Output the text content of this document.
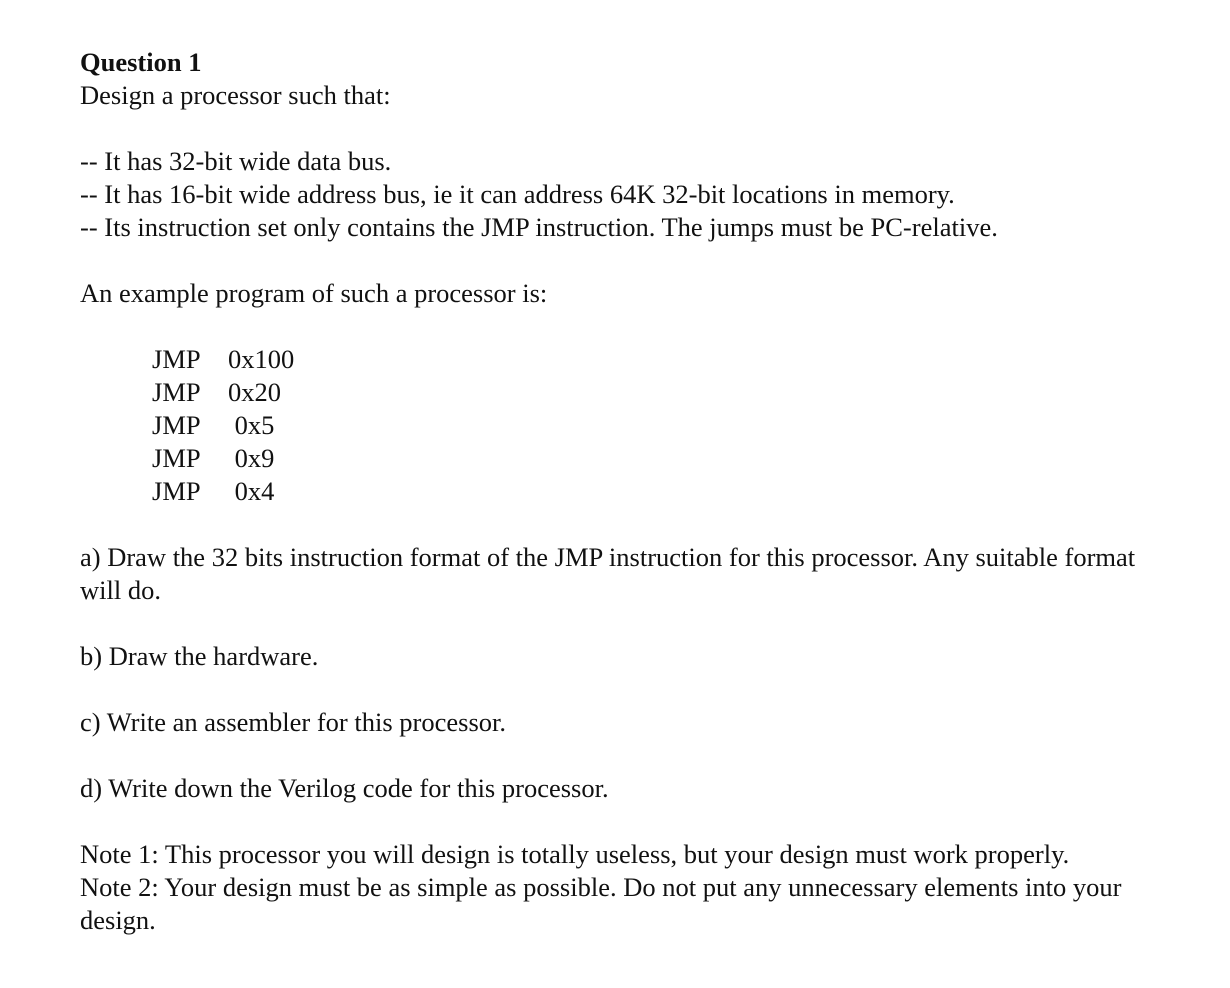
Question 1

Design a processor such that:

-- It has 32-bit wide data bus.

-- It has 16-bit wide address bus, ie it can address 64K 32-bit locations in memory.

-- Its instruction set only contains the JMP instruction. The jumps must be PC-relative.

An example program of such a processor is:

JMP	0x100
JMP	0x20
JMP	0x5
JMP	0x9
JMP	0x4

a) Draw the 32 bits instruction format of the JMP instruction for this processor. Any suitable format will do.

b) Draw the hardware.

c) Write an assembler for this processor.

d) Write down the Verilog code for this processor.

Note 1: This processor you will design is totally useless, but your design must work properly.

Note 2: Your design must be as simple as possible. Do not put any unnecessary elements into your design.
